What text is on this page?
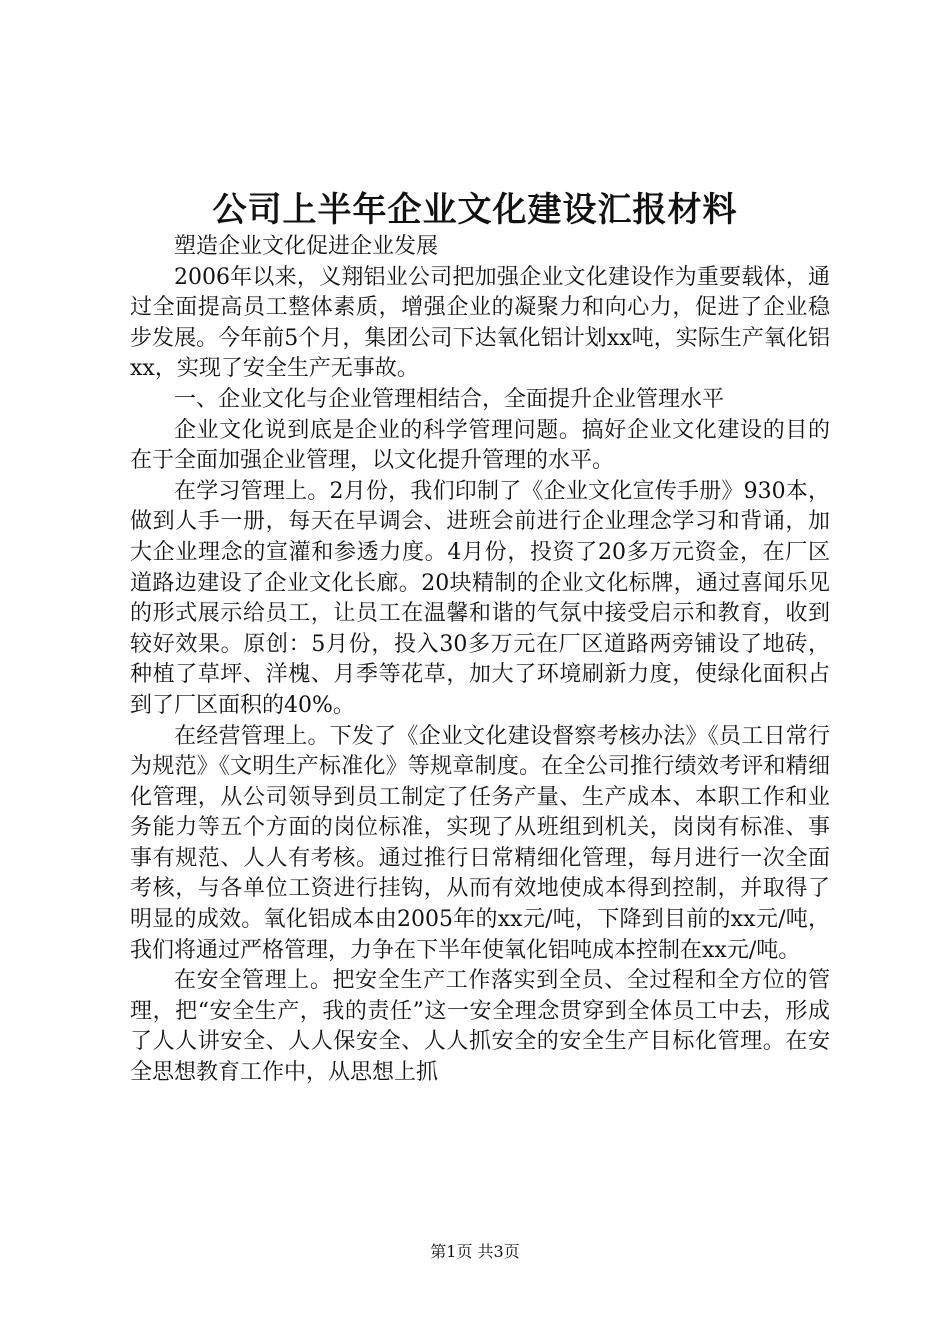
公司上半年企业文化建设汇报材料

塑造企业文化促进企业发展

2006年以来，义翔铝业公司把加强企业文化建设作为重要载体，通过全面提高员工整体素质，增强企业的凝聚力和向心力，促进了企业稳步发展。今年前5个月，集团公司下达氧化铝计划xx吨，实际生产氧化铝xx，实现了安全生产无事故。

一、企业文化与企业管理相结合，全面提升企业管理水平

企业文化说到底是企业的科学管理问题。搞好企业文化建设的目的在于全面加强企业管理，以文化提升管理的水平。

在学习管理上。2月份，我们印制了《企业文化宣传手册》930本，做到人手一册，每天在早调会、进班会前进行企业理念学习和背诵，加大企业理念的宣灌和参透力度。4月份，投资了20多万元资金，在厂区道路边建设了企业文化长廊。20块精制的企业文化标牌，通过喜闻乐见的形式展示给员工，让员工在温馨和谐的气氛中接受启示和教育，收到较好效果。原创：5月份，投入30多万元在厂区道路两旁铺设了地砖，种植了草坪、洋槐、月季等花草，加大了环境刷新力度，使绿化面积占到了厂区面积的40%。

在经营管理上。下发了《企业文化建设督察考核办法》《员工日常行为规范》《文明生产标准化》等规章制度。在全公司推行绩效考评和精细化管理，从公司领导到员工制定了任务产量、生产成本、本职工作和业务能力等五个方面的岗位标准，实现了从班组到机关，岗岗有标准、事事有规范、人人有考核。通过推行日常精细化管理，每月进行一次全面考核，与各单位工资进行挂钩，从而有效地使成本得到控制，并取得了明显的成效。氧化铝成本由2005年的xx元/吨，下降到目前的xx元/吨，我们将通过严格管理，力争在下半年使氧化铝吨成本控制在xx元/吨。

在安全管理上。把安全生产工作落实到全员、全过程和全方位的管理，把“安全生产，我的责任”这一安全理念贯穿到全体员工中去，形成了人人讲安全、人人保安全、人人抓安全的安全生产目标化管理。在安全思想教育工作中，从思想上抓

第1页 共3页
